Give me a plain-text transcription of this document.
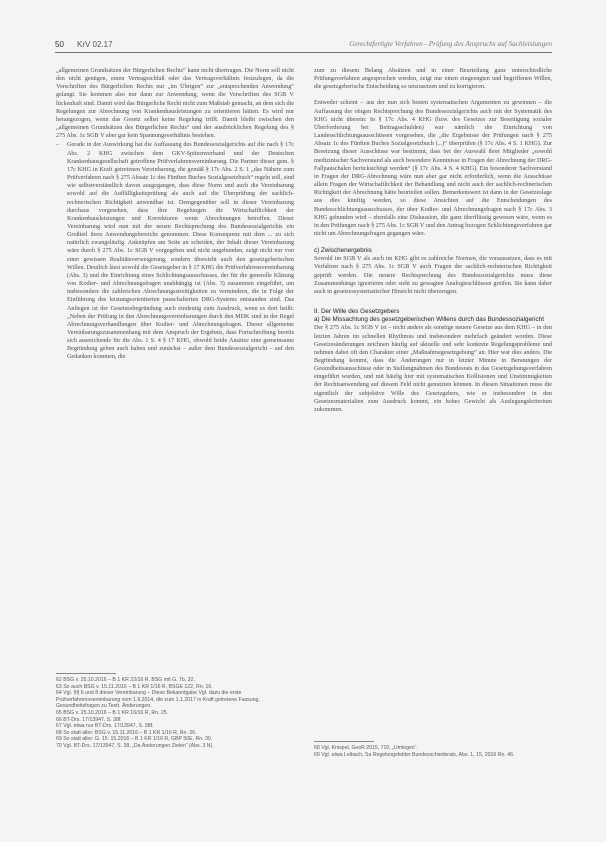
50 KrV 02.17	Gerechtfertigte Verfahren - Prüfung des Anspruchs auf Sachleistungen

„allgemeinen Grundsätzen der Bürgerlichen Rechts“ kann nicht übertragen. Die Norm soll nicht den nicht genügen, einen Vertragsschluß oder das Vertragsverhältnis festzulegen, da die Vorschriften des Bürgerlichen Rechts nur „im Übrigen“ zur „entsprechenden Anwendung“ gelangt. Sie kommen also nur dann zur Anwendung, wenn die Vorschriften des SGB V lückenhaft sind. Damit wird das Bürgerliche Recht nicht zum Maßstab gemacht, an dem sich die Regelungen zur Abrechnung von Krankenhausleistungen zu orientieren hätten. Es wird nur herangezogen, wenn das Gesetz selbst keine Regelung trifft. Damit bleibt zwischen den „allgemeinen Grundsätzen des Bürgerlichen Rechts“ und der ausdrücklichen Regelung des § 275 Abs. 1c SGB V aber gar kein Spannungsverhältnis bestehen.

– Gerade in der Auswirkung hat die Auffassung des Bundessozialgerichts auf die nach § 17c Abs. 2 KHG zwischen dem GKV-Spitzenverband und der Deutschen Krankenhausgesellschaft getroffene Prüfverfahrensvereinbarung. Die Partner dieser gem. § 17c KHG in Kraft getretenen Vereinbarung, die gemäß § 17c Abs. 2 S. 1 „das Nähere zum Prüfverfahren nach § 275 Absatz 1c des Fünften Buches Sozialgesetzbuch“ regeln soll, sind wie selbstverständlich davon ausgegangen, dass diese Norm und auch die Vereinbarung sowohl auf die Auffälligkeitsprüfung als auch auf die Überprüfung der sachlich-rechnerischen Richtigkeit anwendbar ist. Demgegenüber soll in dieser Vereinbarung durchaus vorgesehen, dass ihre Regelungen die Wirtschaftlichkeit der Krankenhausleistungen und Korrekturen wenn Abrechnungen betreffen. Dieser Vereinbarung wird nun mit der neuen Rechtsprechung des Bundessozialgerichts ein Großteil ihres Anwendungsbereichs genommen. Diese Konsequenz mit dem ... zu sich natürlich zwangsläufig. Anknüpfen am Seite an scheiden, der Inhalt dieser Vereinbarung wäre durch § 275 Abs. 1c SGB V vorgegeben und nicht ungebunden, zeigt nicht nur von einer gewissen Realitätsverweigerung, sondern übersieht auch den gesetzgeberischen Willen. Deutlich lässt sowohl die Gesetzgeber in § 17 KHG die Prüfverfahrensvereinbarung (Abs. 3) und die Einrichtung eines Schlichtungsausschusses, der für die generelle Klärung von Kodier- und Abrechnungsfragen unabhängig ist (Abs. 3) zusammen eingeführt, um insbesondere die zahlreichen Abrechnungsstreitigkeiten zu vermindern, die in Folge der Einführung des leistungsorientierten pauschalierten DRG-Systems entstanden sind. Das Anliegen ist der Gesetzesbegründung auch eindeutig zum Ausdruck, wenn es dort heißt: „Neben der Prüfung in den Abrechnungsvereinbarungen durch den MDK sind in der Regel Abrechnungsverhandlungen über Kodier- und Abrechnungsfragen. Dieser allgemeine Vereinbarungszusammenhang mit dem Anspruch der Ergebnis, dass Fortschreibung bereits sich ausreichende für die Abs. 1 S. 4 § 17 KHG, obwohl beide Ansätze eine gemeinsame Begründung geben auch haben und zunächst – außer dem Bundessozialgericht – auf den Gedanken kommen, die

zum zu diesem Belang Absätzen und in einer Beurteilung ganz unterschiedliche Prüfungsverfahren angesprochen werden, zeigt nur einen eingeengten und begriffenen Willen, die gesetzgeberische Entscheidung so umzusetzen und zu korrigieren.

Entweder scheint – aus der nun sich besten systematischen Argumenten zu gewinnen – die Auffassung der obigen Rechtsprechung des Bundessozialgerichts auch mit der Systematik des KHG nicht überein: In § 17c Abs. 4 KHG (bzw. des Gesetzes zur Beseitigung sozialer Überforderung bei Beitragsschulden) war nämlich die Einrichtung von Landesschlichtungsausschüssen vorgesehen, die „die Ergebnisse der Prüfungen nach § 275 Absatz 1c des Fünften Buches Sozialgesetzbuch (...)“ überprüfen (§ 17c Abs. 4 S. 1 KHG). Zur Besetzung dieser Ausschüsse war bestimmt, dass bei der Auswahl ihrer Mitglieder „sowohl medizinischer Sachverstand als auch besondere Kenntnisse in Fragen der Abrechnung der DRG-Fallpauschalen berücksichtigt werden“ (§ 17c Abs. 4 S. 4 KHG). Ein besonderer Sachverstand in Fragen der DRG-Abrechnung wäre nun aber gar nicht erforderlich, wenn die Ausschüsse allein Fragen der Wirtschaftlichkeit der Behandlung und nicht auch der sachlich-rechnerischen Richtigkeit der Abrechnung hätte beurteilen sollen. Bemerkenswert ist dann in der Gesetzeslage aus dies künftig werden, so diese Ansichten auf die Entscheidungen des Bundesschlichtungsausschusses, der über Kodier- und Abrechnungsfragen nach § 17c Abs. 3 KHG gebunden wird – ebenfalls eine Diskussion, die ganz überflüssig gewesen wäre, wenn es in den Prüfungen nach § 275 Abs. 1c SGB V und den Antrag bezogen Schlichtungsverfahren gar nicht um Abrechnungsfragen gegangen wäre.

c) Zwischenergebnis

Sowohl im SGB V als auch im KHG gibt es zahlreiche Normen, die voraussetzen, dass es mit Verfahren nach § 275 Abs. 1c SGB V auch Fragen der sachlich-rechnerischen Richtigkeit geprüft werden. Die neuere Rechtsprechung des Bundessozialgerichts muss diese Zusammenhänge ignorieren oder sieht zu gewagten Analogieschlüssen greifen. Sie kann daher auch in gesetzessystematischer Hinsicht nicht überzeugen.

II. Der Wille des Gesetzgebers
a) Die Missachtung des gesetzgeberischen Willens durch das Bundessozialgericht

Der § 275 Abs. 1c SGB V ist – nicht anders als sonstige neuere Gesetze aus dem KHG – in den letzten Jahren im schnellen Rhythmus und insbesondere mehrfach geändert worden. Diese Gesetzesänderungen zeichnen häufig auf aktuelle und sehr konkrete Regelungsprobleme und nehmen dabei oft den Charakter einer „Maßnahmegesetzgebung“ an. Hier war dies anders. Die Begründung kommt, dass die Änderungen nur in letzter Minute in Beratungen der Gesundheitsausschüsse oder in Stellungnahmen des Bundesrats in das Gesetzgebungsverfahren eingeführt wurden, und mit häufig hier mit systematischen Kollisionen und Unstimmigkeiten der Rechtsanwendung auf diesem Feld nicht genutzten können. In diesen Situationen muss die eigentlich der subjektive Wille des Gesetzgebers, wie er insbesondere in den Gesetzesmaterialien zum Ausdruck kommt, ein hohes Gewicht als Auslegungskriterium zukommen.

62 BSG v. 25.10.2016 – B 1 KR 22/16 R, BSG mit G. 7b, 32.
63 So auch BSG v. 15.11.2016 – B 1 KR 1/16 R, BSGE 122, Rn. 16.
64 Vgl. §§ 6 und 8 dieser Vereinbarung – Diese Bekanntgabe Vgl. dazu die erste Prüfverfahrensvereinbarung vom 1.9.2014, die zum 1.1.2017 in Kraft getretene Fassung, Gesundheitsfragen zu Textt. Änderungen.
65 BSG v. 25.10.2016 – B 1 KR 16/16 R, Rn. 25.
66 BT-Drs. 17/13947, S. 38f.
67 Vgl. etwa nur BT-Drs. 17/13947, S. 38f.
68 So statt aller: BSG v. 15.11.2016 – B 1 KR 1/16 R, Rn. 26.
69 So statt aller: G. 15. 15.2016 – B 1 KR 1/16 R, GBP 50E, Rn. 30.
70 Vgl. BT-Drs. 17/13947, S. 38, „Da Änderungen Zielen“ (Abs. 3 N).	68 Vgl. Knispel, GesR 2015, 710, „Umlegen“.
69 Vgl. etwa Leibach, Sa Regelungsfelder Bundesschiedsrats, Abs. 1, 15, 2016 Rn. 46.
